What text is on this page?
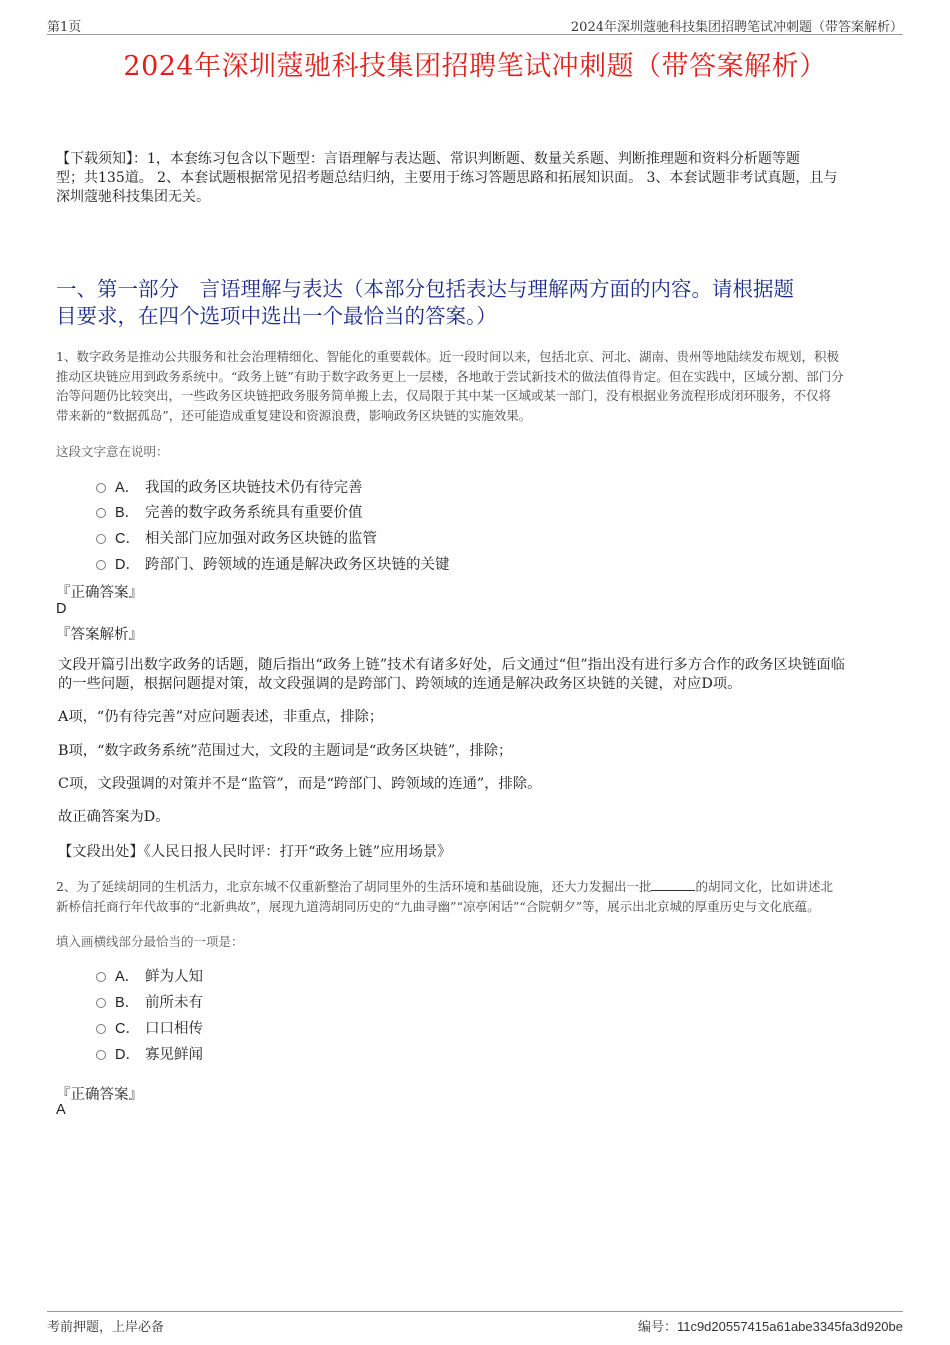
第1页	2024年深圳蔻驰科技集团招聘笔试冲刺题（带答案解析）
2024年深圳蔻驰科技集团招聘笔试冲刺题（带答案解析）
【下载须知】：1，本套练习包含以下题型：言语理解与表达题、常识判断题、数量关系题、判断推理题和资料分析题等题
型；共135道。 2、本套试题根据常见招考题总结归纳，主要用于练习答题思路和拓展知识面。 3、本套试题非考试真题，且与
深圳蔻驰科技集团无关。
一、第一部分　言语理解与表达（本部分包括表达与理解两方面的内容。请根据题
目要求，在四个选项中选出一个最恰当的答案。）
1、数字政务是推动公共服务和社会治理精细化、智能化的重要载体。近一段时间以来，包括北京、河北、湖南、贵州等地陆续发布规划，积极
推动区块链应用到政务系统中。“政务上链”有助于数字政务更上一层楼，各地敢于尝试新技术的做法值得肯定。但在实践中，区域分割、部门分
治等问题仍比较突出，一些政务区块链把政务服务简单搬上去，仅局限于其中某一区域或某一部门，没有根据业务流程形成闭环服务，不仅将
带来新的“数据孤岛”，还可能造成重复建设和资源浪费，影响政务区块链的实施效果。
这段文字意在说明：
A． 我国的政务区块链技术仍有待完善
B． 完善的数字政务系统具有重要价值
C． 相关部门应加强对政务区块链的监管
D． 跨部门、跨领域的连通是解决政务区块链的关键
『正确答案』
D
『答案解析』
文段开篇引出数字政务的话题，随后指出“政务上链”技术有诸多好处，后文通过“但”指出没有进行多方合作的政务区块链面临
的一些问题，根据问题提对策，故文段强调的是跨部门、跨领域的连通是解决政务区块链的关键，对应D项。
A项，“仍有待完善”对应问题表述，非重点，排除；
B项，“数字政务系统”范围过大，文段的主题词是“政务区块链”，排除；
C项，文段强调的对策并不是“监管”，而是“跨部门、跨领域的连通”，排除。
故正确答案为D。
【文段出处】《人民日报人民时评：打开“政务上链”应用场景》
2、为了延续胡同的生机活力，北京东城不仅重新整治了胡同里外的生活环境和基础设施，还大力发掘出一批	的胡同文化，比如讲述北
新桥信托商行年代故事的“北新典故”，展现九道湾胡同历史的“九曲寻幽”“凉亭闲话”“合院朝夕”等，展示出北京城的厚重历史与文化底蕴。
填入画横线部分最恰当的一项是：
A． 鲜为人知
B． 前所未有
C． 口口相传
D． 寡见鲜闻
『正确答案』
A
考前押题，上岸必备	编号：11c9d20557415a61abe3345fa3d920be
